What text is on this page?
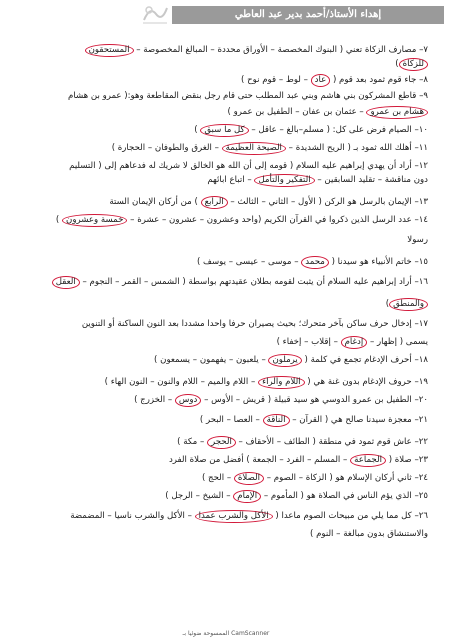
إهداء الأستاذ/أحمد بدير عبد العاطي
٧– مصارف الزكاة تعني ( البنوك المخصصة – الأوراق محددة – المبالغ المخصوصة – المستحقون
للزكاة)
٨– جاء قوم ثمود بعد قوم ( عاد – لوط – قوم نوح )
٩– قاطع المشركون بني هاشم وبني عبد المطلب حتى قام رجل بنقض المقاطعة وهو:( عمرو بن هشام
هشام بن عمرو – عثمان بن عفان – الطفيل بن عمرو )
١٠– الصيام فرض على كل: ( مسلم–بالغ – عاقل – كل ما سبق )
١١– أهلك الله ثمود بـ ( الريح الشديدة – الصيحة العظيمة – الغرق والطوفان – الحجارة )
١٢– أراد أن يهدي إبراهيم عليه السلام ( قومه إلى أن الله هو الخالق لا شريك له فدعاهم إلى ( التسليم
دون مناقشة – تقليد السابقين – التفكير والتأمل – اتباع ابائهم
١٣– الإيمان بالرسل هو الركن ( الأول – الثاني – الثالث – الرابع ) من أركان الإيمان الستة
١٤– عدد الرسل الذين ذكروا في القرآن الكريم (واحد وعشرون – عشرون – عشرة – خمسة وعشرون )
رسولا
١٥– خاتم الأنبياء هو سيدنا ( محمد – موسى – عيسى – يوسف )
١٦– أراد إبراهيم عليه السلام أن يثبت لقومه بطلان عقيدتهم بواسطة ( الشمس – القمر – النجوم – العقل
والمنطق)
١٧– إدخال حرف ساكن بآخر متحرك؛ بحيث يصيران حرفا واحدا مشددا بعد النون الساكنة أو التنوين
يسمى ( إظهار – إدغام – إقلاب – إخفاء )
١٨– أحرف الإدغام تجمع في كلمة ( يرملون – يلعبون – يفهمون – يسمعون )
١٩– حروف الإدغام بدون غنة هي ( اللام والراء – اللام والميم – اللام والنون – النون الهاء )
٢٠– الطفيل بن عمرو الدوسي هو سيد قبيلة ( قريش – الأوس – دوس – الخزرج )
٢١– معجزة سيدنا صالح هي ( القرآن – الناقة – العصا – البحر )
٢٢– عاش قوم ثمود في منطقة ( الطائف – الأحقاف – الحجر – مكة )
٢٣– صلاة ( الجماعة – المسلم – الفرد – الجمعة ) أفضل من صلاة الفرد
٢٤– ثاني أركان الإسلام هو ( الزكاة – الصوم – الصلاة – الحج )
٢٥– الذي يؤم الناس في الصلاة هو ( المأموم – الإمام – الشيخ – الرجل )
٢٦– كل مما يلي من مبيحات الصوم ماعدا ( الأكل والشرب عمدا – الأكل والشرب ناسيا – المضمضة
والاستنشاق بدون مبالغة – النوم )
CamScanner الممسوحة ضوئيا بـ
